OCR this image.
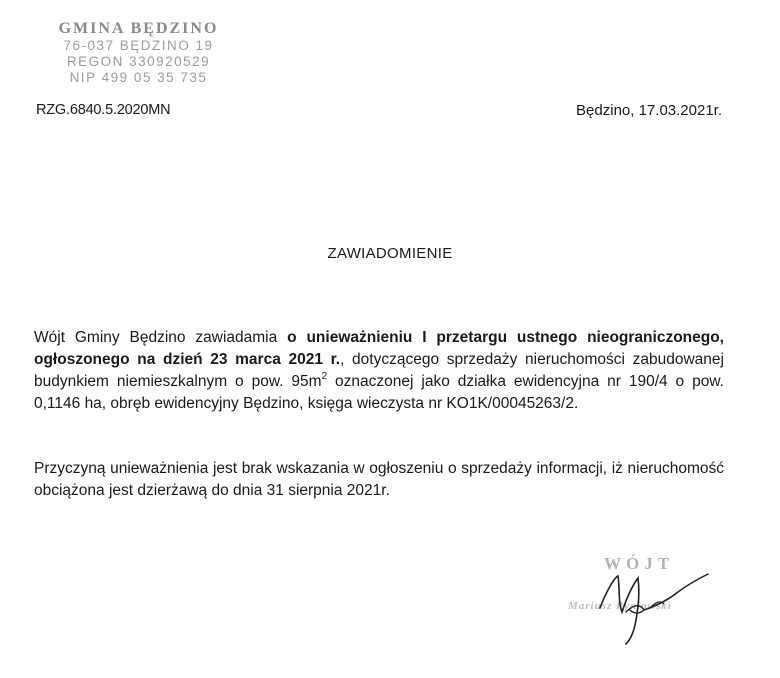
GMINA BĘDZINO
76-037 BĘDZINO 19
REGON 330920529
NIP 499 05 35 735
RZG.6840.5.2020MN	Będzino, 17.03.2021r.
ZAWIADOMIENIE
Wójt Gminy Będzino zawiadamia o unieważnieniu I przetargu ustnego nieograniczonego, ogłoszonego na dzień 23 marca 2021 r., dotyczącego sprzedaży nieruchomości zabudowanej budynkiem niemieszkalnym o pow. $95m^2$ oznaczonej jako działka ewidencyjna nr 190/4 o pow. 0,1146 ha, obręb ewidencyjny Będzino, księga wieczysta nr KO1K/00045263/2.
Przyczyną unieważnienia jest brak wskazania w ogłoszeniu o sprzedaży informacji, iż nieruchomość obciążona jest dzierżawą do dnia 31 sierpnia 2021r.
WÓJT
Mariusz Ryniowski
